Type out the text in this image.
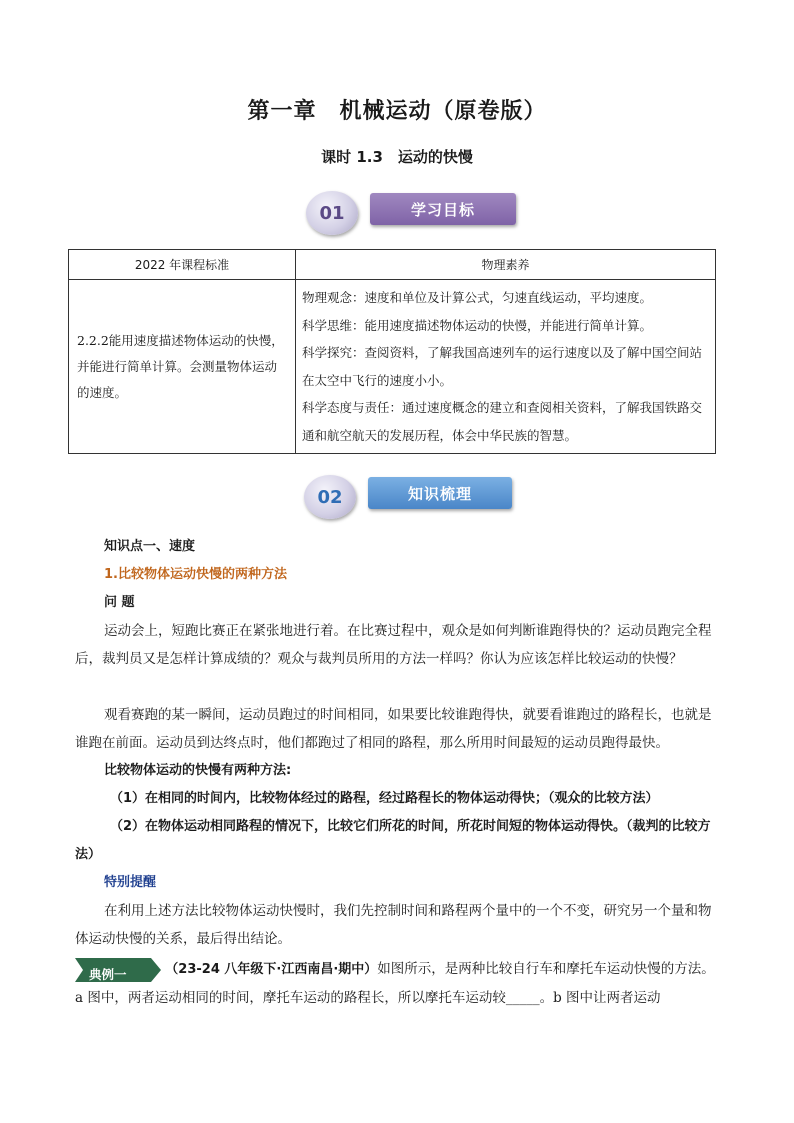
第一章　机械运动（原卷版）
课时 1.3　运动的快慢
01	学习目标
2022 年课程标准	物理素养
2.2.2能用速度描述物体运动的快慢，并能进行简单计算。会测量物体运动的速度。	物理观念：速度和单位及计算公式，匀速直线运动，平均速度。
科学思维：能用速度描述物体运动的快慢，并能进行简单计算。
科学探究：查阅资料，了解我国高速列车的运行速度以及了解中国空间站在太空中飞行的速度小小。
科学态度与责任：通过速度概念的建立和查阅相关资料，了解我国铁路交通和航空航天的发展历程，体会中华民族的智慧。
02	知识梳理

知识点一、速度

1.比较物体运动快慢的两种方法

问 题

运动会上，短跑比赛正在紧张地进行着。在比赛过程中，观众是如何判断谁跑得快的？运动员跑完全程后，裁判员又是怎样计算成绩的？观众与裁判员所用的方法一样吗？你认为应该怎样比较运动的快慢？

观看赛跑的某一瞬间，运动员跑过的时间相同，如果要比较谁跑得快，就要看谁跑过的路程长，也就是谁跑在前面。运动员到达终点时，他们都跑过了相同的路程，那么所用时间最短的运动员跑得最快。

比较物体运动的快慢有两种方法:

（1）在相同的时间内，比较物体经过的路程，经过路程长的物体运动得快；（观众的比较方法）

（2）在物体运动相同路程的情况下，比较它们所花的时间，所花时间短的物体运动得快。（裁判的比较方法）

特别提醒

在利用上述方法比较物体运动快慢时，我们先控制时间和路程两个量中的一个不变，研究另一个量和物体运动快慢的关系，最后得出结论。

典例一	（23-24 八年级下·江西南昌·期中）如图所示，是两种比较自行车和摩托车运动快慢的方法。a 图中，两者运动相同的时间，摩托车运动的路程长，所以摩托车运动较_____。b 图中让两者运动
